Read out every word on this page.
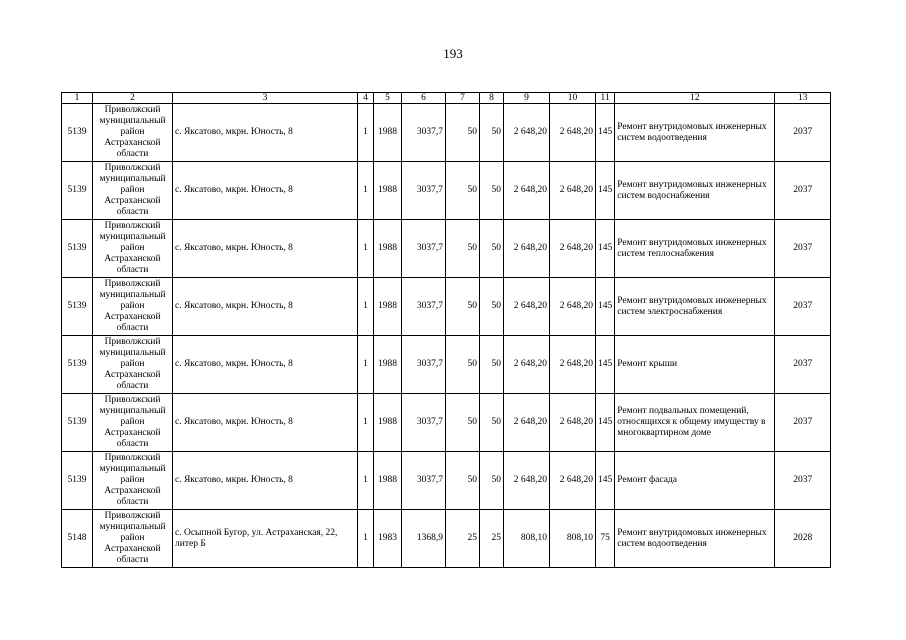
193
1	2	3	4	5	6	7	8	9	10	11	12	13
5139	Приволжский муниципальный район Астраханской области	с. Яксатово, мкрн. Юность, 8	1	1988	3037,7	50	50	2 648,20	2 648,20	145	Ремонт внутридомовых инженерных систем водоотведения	2037
5139	Приволжский муниципальный район Астраханской области	с. Яксатово, мкрн. Юность, 8	1	1988	3037,7	50	50	2 648,20	2 648,20	145	Ремонт внутридомовых инженерных систем водоснабжения	2037
5139	Приволжский муниципальный район Астраханской области	с. Яксатово, мкрн. Юность, 8	1	1988	3037,7	50	50	2 648,20	2 648,20	145	Ремонт внутридомовых инженерных систем теплоснабжения	2037
5139	Приволжский муниципальный район Астраханской области	с. Яксатово, мкрн. Юность, 8	1	1988	3037,7	50	50	2 648,20	2 648,20	145	Ремонт внутридомовых инженерных систем электроснабжения	2037
5139	Приволжский муниципальный район Астраханской области	с. Яксатово, мкрн. Юность, 8	1	1988	3037,7	50	50	2 648,20	2 648,20	145	Ремонт крыши	2037
5139	Приволжский муниципальный район Астраханской области	с. Яксатово, мкрн. Юность, 8	1	1988	3037,7	50	50	2 648,20	2 648,20	145	Ремонт подвальных помещений, относящихся к общему имуществу в многоквартирном доме	2037
5139	Приволжский муниципальный район Астраханской области	с. Яксатово, мкрн. Юность, 8	1	1988	3037,7	50	50	2 648,20	2 648,20	145	Ремонт фасада	2037
5148	Приволжский муниципальный район Астраханской области	с. Осыпной Бугор, ул. Астраханская, 22, литер Б	1	1983	1368,9	25	25	808,10	808,10	75	Ремонт внутридомовых инженерных систем водоотведения	2028
